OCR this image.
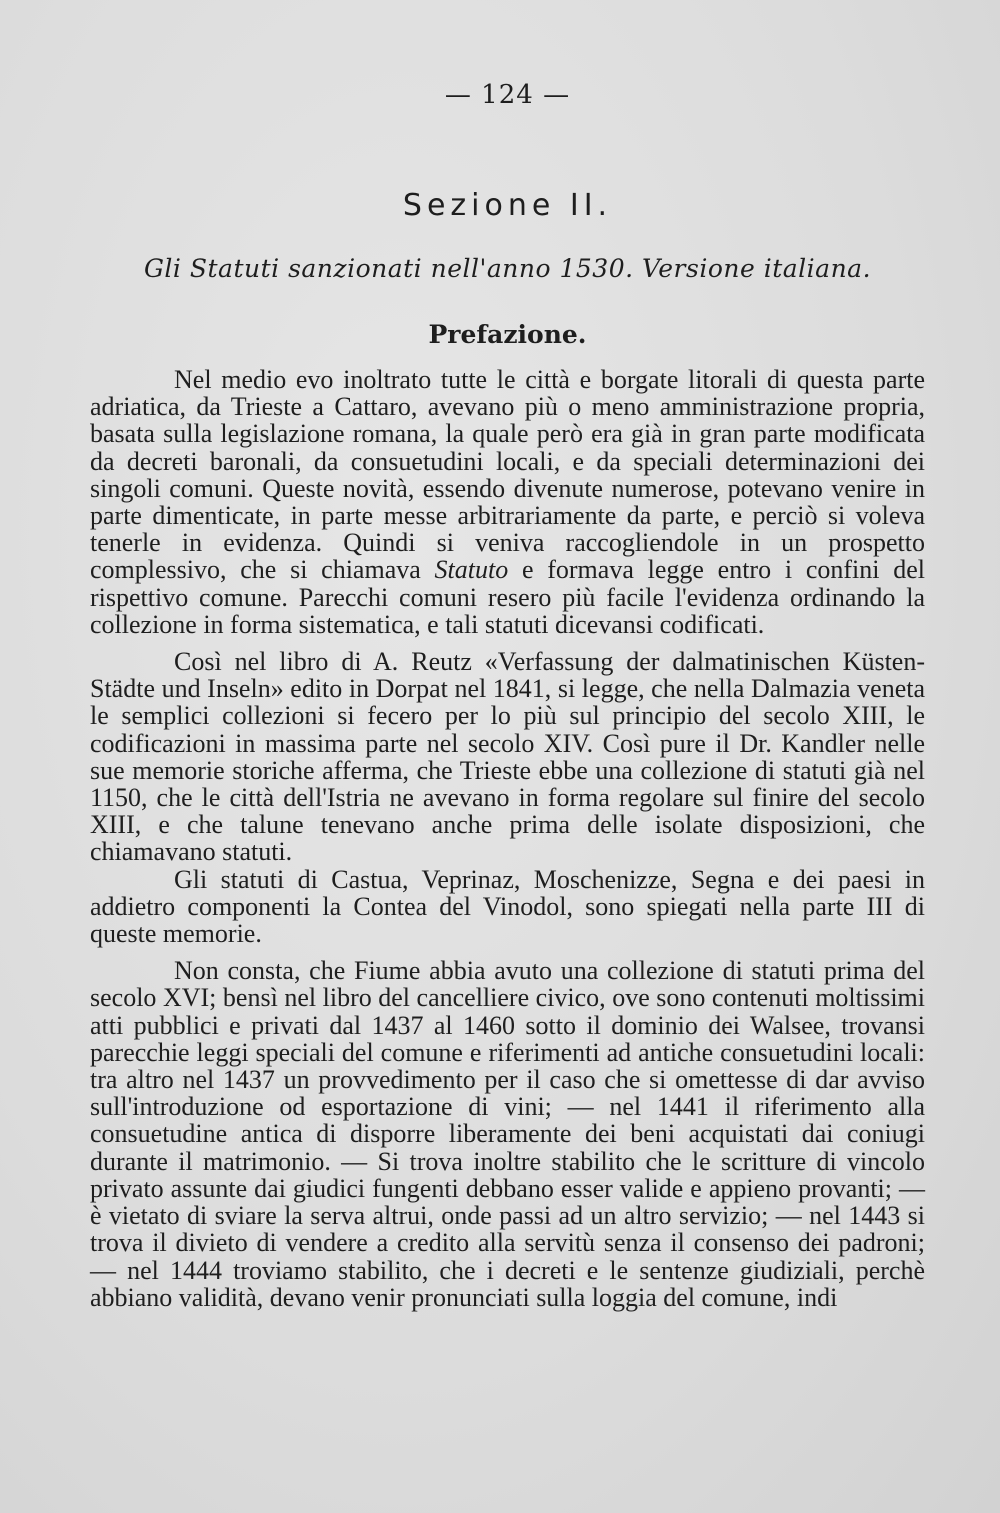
— 124 —
Sezione II.
Gli Statuti sanzionati nell'anno 1530. Versione italiana.
Prefazione.

Nel medio evo inoltrato tutte le città e borgate litorali di questa parte adriatica, da Trieste a Cattaro, avevano più o meno amministrazione propria, basata sulla legislazione romana, la quale però era già in gran parte modificata da decreti baronali, da consuetudini locali, e da speciali determinazioni dei singoli comuni. Queste novità, essendo divenute numerose, potevano venire in parte dimenticate, in parte messe arbitrariamente da parte, e perciò si voleva tenerle in evidenza. Quindi si veniva raccogliendole in un prospetto complessivo, che si chiamava Statuto e formava legge entro i confini del rispettivo comune. Parecchi comuni resero più facile l'evidenza ordinando la collezione in forma sistematica, e tali statuti dicevansi codificati.

Così nel libro di A. Reutz «Verfassung der dalmatinischen Küsten-Städte und Inseln» edito in Dorpat nel 1841, si legge, che nella Dalmazia veneta le semplici collezioni si fecero per lo più sul principio del secolo XIII, le codificazioni in massima parte nel secolo XIV. Così pure il Dr. Kandler nelle sue memorie storiche afferma, che Trieste ebbe una collezione di statuti già nel 1150, che le città dell'Istria ne avevano in forma regolare sul finire del secolo XIII, e che talune tenevano anche prima delle isolate disposizioni, che chiamavano statuti.

Gli statuti di Castua, Veprinaz, Moschenizze, Segna e dei paesi in addietro componenti la Contea del Vinodol, sono spiegati nella parte III di queste memorie.

Non consta, che Fiume abbia avuto una collezione di statuti prima del secolo XVI; bensì nel libro del cancelliere civico, ove sono contenuti moltissimi atti pubblici e privati dal 1437 al 1460 sotto il dominio dei Walsee, trovansi parecchie leggi speciali del comune e riferimenti ad antiche consuetudini locali: tra altro nel 1437 un provvedimento per il caso che si omettesse di dar avviso sull'introduzione od esportazione di vini; — nel 1441 il riferimento alla consuetudine antica di disporre liberamente dei beni acquistati dai coniugi durante il matrimonio. — Si trova inoltre stabilito che le scritture di vincolo privato assunte dai giudici fungenti debbano esser valide e appieno provanti; — è vietato di sviare la serva altrui, onde passi ad un altro servizio; — nel 1443 si trova il divieto di vendere a credito alla servitù senza il consenso dei padroni; — nel 1444 troviamo stabilito, che i decreti e le sentenze giudiziali, perchè abbiano validità, devano venir pronunciati sulla loggia del comune, indi
